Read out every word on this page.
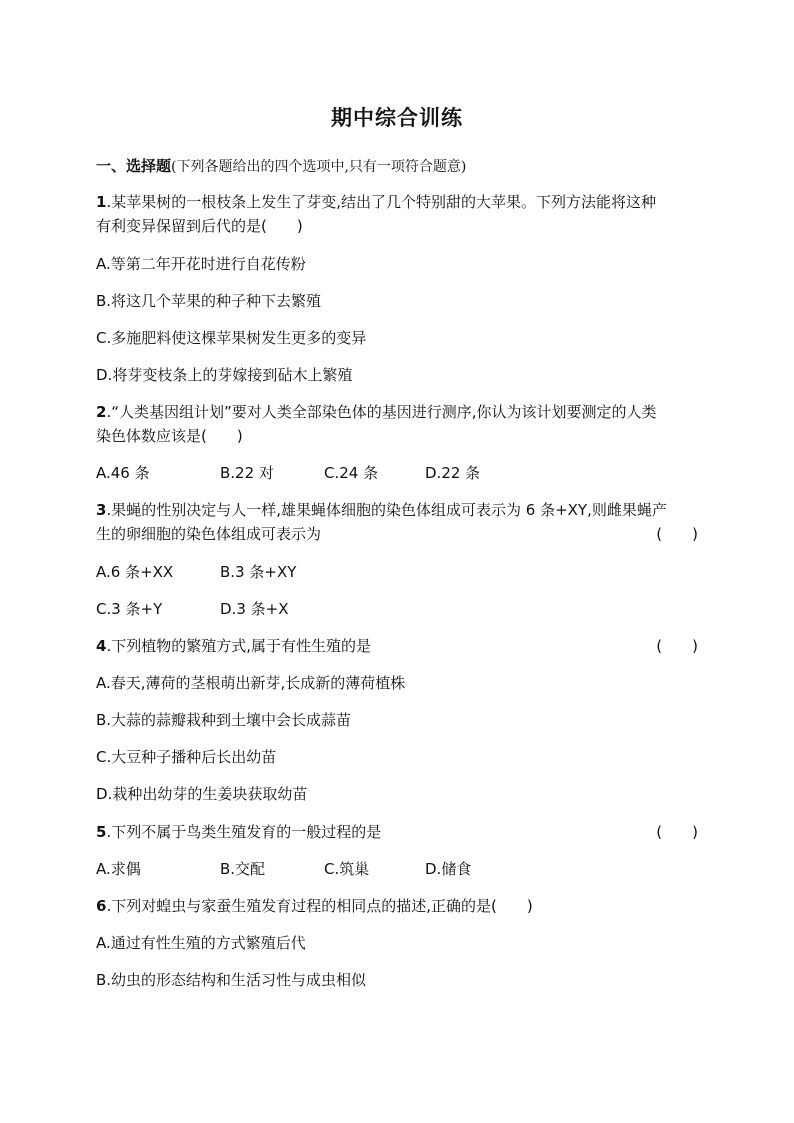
期中综合训练
一、选择题(下列各题给出的四个选项中,只有一项符合题意)
1.某苹果树的一根枝条上发生了芽变,结出了几个特别甜的大苹果。下列方法能将这种
有利变异保留到后代的是(　　)
A.等第二年开花时进行自花传粉
B.将这几个苹果的种子种下去繁殖
C.多施肥料使这棵苹果树发生更多的变异
D.将芽变枝条上的芽嫁接到砧木上繁殖
2.“人类基因组计划”要对人类全部染色体的基因进行测序,你认为该计划要测定的人类
染色体数应该是(　　)
A.46 条	B.22 对	C.24 条	D.22 条
3.果蝇的性别决定与人一样,雄果蝇体细胞的染色体组成可表示为 6 条+XY,则雌果蝇产
生的卵细胞的染色体组成可表示为	(　　)
A.6 条+XX	B.3 条+XY
C.3 条+Y	D.3 条+X
4.下列植物的繁殖方式,属于有性生殖的是	(　　)
A.春天,薄荷的茎根萌出新芽,长成新的薄荷植株
B.大蒜的蒜瓣栽种到土壤中会长成蒜苗
C.大豆种子播种后长出幼苗
D.栽种出幼芽的生姜块获取幼苗
5.下列不属于鸟类生殖发育的一般过程的是	(　　)
A.求偶	B.交配	C.筑巢	D.储食
6.下列对蝗虫与家蚕生殖发育过程的相同点的描述,正确的是(　　)
A.通过有性生殖的方式繁殖后代
B.幼虫的形态结构和生活习性与成虫相似
